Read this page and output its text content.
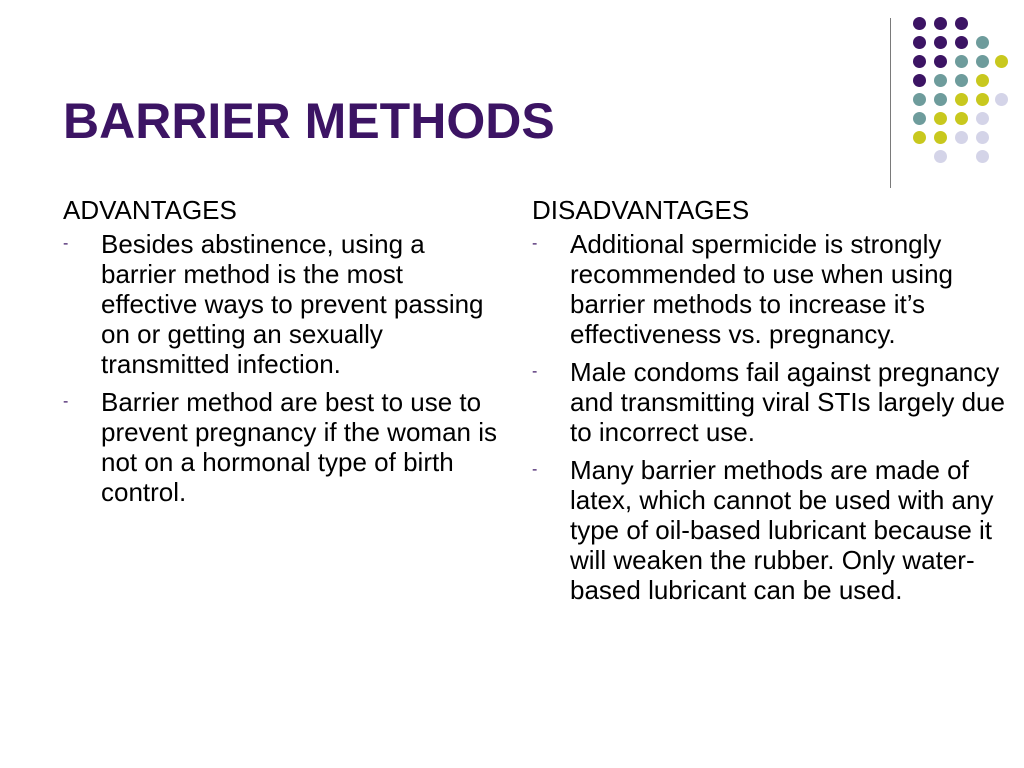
BARRIER METHODS
ADVANTAGES
- Besides abstinence, using a barrier method is the most effective ways to prevent passing on or getting an sexually transmitted infection.
- Barrier method are best to use to prevent pregnancy if the woman is not on a hormonal type of birth control.
DISADVANTAGES
- Additional spermicide is strongly recommended to use when using barrier methods to increase it’s effectiveness vs. pregnancy.
- Male condoms fail against pregnancy and transmitting viral STIs largely due to incorrect use.
- Many barrier methods are made of latex, which cannot be used with any type of oil-based lubricant because it will weaken the rubber. Only water-based lubricant can be used.
